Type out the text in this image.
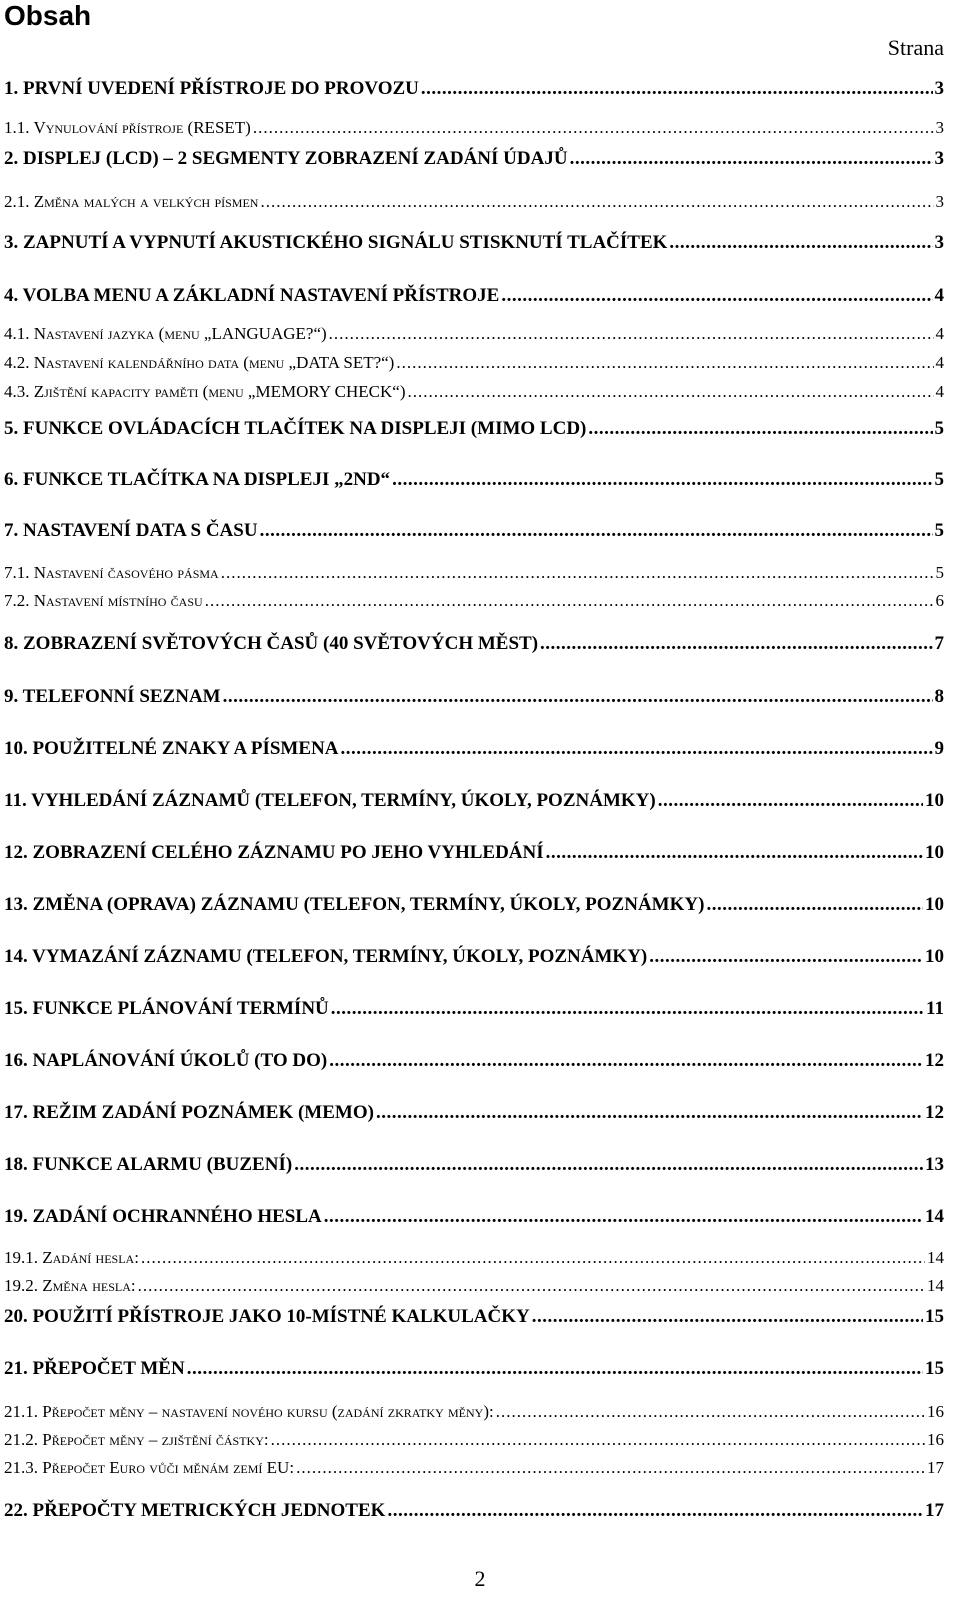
Obsah
Strana
1. PRVNÍ UVEDENÍ PŘÍSTROJE DO PROVOZU .....	3
1.1. Vynulování přístroje (RESET) .....	3
2. DISPLEJ (LCD) – 2 SEGMENTY ZOBRAZENÍ ZADÁNÍ ÚDAJŮ .....	3
2.1. Změna malých a velkých písmen .....	3
3. ZAPNUTÍ A VYPNUTÍ AKUSTICKÉHO SIGNÁLU STISKNUTÍ TLAČÍTEK .....	3
4. VOLBA MENU A ZÁKLADNÍ NASTAVENÍ PŘÍSTROJE .....	4
4.1. Nastavení jazyka (menu „LANGUAGE?“) .....	4
4.2. Nastavení kalendářního data (menu „DATA SET?“) .....	4
4.3. Zjištění kapacity paměti (menu „MEMORY CHECK“) .....	4
5. FUNKCE OVLÁDACÍCH TLAČÍTEK NA DISPLEJI (MIMO LCD) .....	5
6. FUNKCE TLAČÍTKA NA DISPLEJI „2ND“ .....	5
7. NASTAVENÍ DATA S ČASU .....	5
7.1. Nastavení časového pásma .....	5
7.2. Nastavení místního času .....	6
8. ZOBRAZENÍ SVĚTOVÝCH ČASŮ (40 SVĚTOVÝCH MĚST) .....	7
9. TELEFONNÍ SEZNAM .....	8
10. POUŽITELNÉ ZNAKY A PÍSMENA .....	9
11. VYHLEDÁNÍ ZÁZNAMŮ (TELEFON, TERMÍNY, ÚKOLY, POZNÁMKY) .....	10
12. ZOBRAZENÍ CELÉHO ZÁZNAMU PO JEHO VYHLEDÁNÍ .....	10
13. ZMĚNA (OPRAVA) ZÁZNAMU (TELEFON, TERMÍNY, ÚKOLY, POZNÁMKY) .....	10
14. VYMAZÁNÍ ZÁZNAMU (TELEFON, TERMÍNY, ÚKOLY, POZNÁMKY) .....	10
15. FUNKCE PLÁNOVÁNÍ TERMÍNŮ .....	11
16. NAPLÁNOVÁNÍ ÚKOLŮ (TO DO) .....	12
17. REŽIM ZADÁNÍ POZNÁMEK (MEMO) .....	12
18. FUNKCE ALARMU (BUZENÍ) .....	13
19. ZADÁNÍ OCHRANNÉHO HESLA .....	14
19.1. Zadání hesla: .....	14
19.2. Změna hesla: .....	14
20. POUŽITÍ PŘÍSTROJE JAKO 10-MÍSTNÉ KALKULAČKY .....	15
21. PŘEPOČET MĚN .....	15
21.1. Přepočet měny – nastavení nového kursu (zadání zkratky měny): .....	16
21.2. Přepočet měny – zjištění částky: .....	16
21.3. Přepočet Euro vůči měnám zemí EU: .....	17
22. PŘEPOČTY METRICKÝCH JEDNOTEK .....	17
2
